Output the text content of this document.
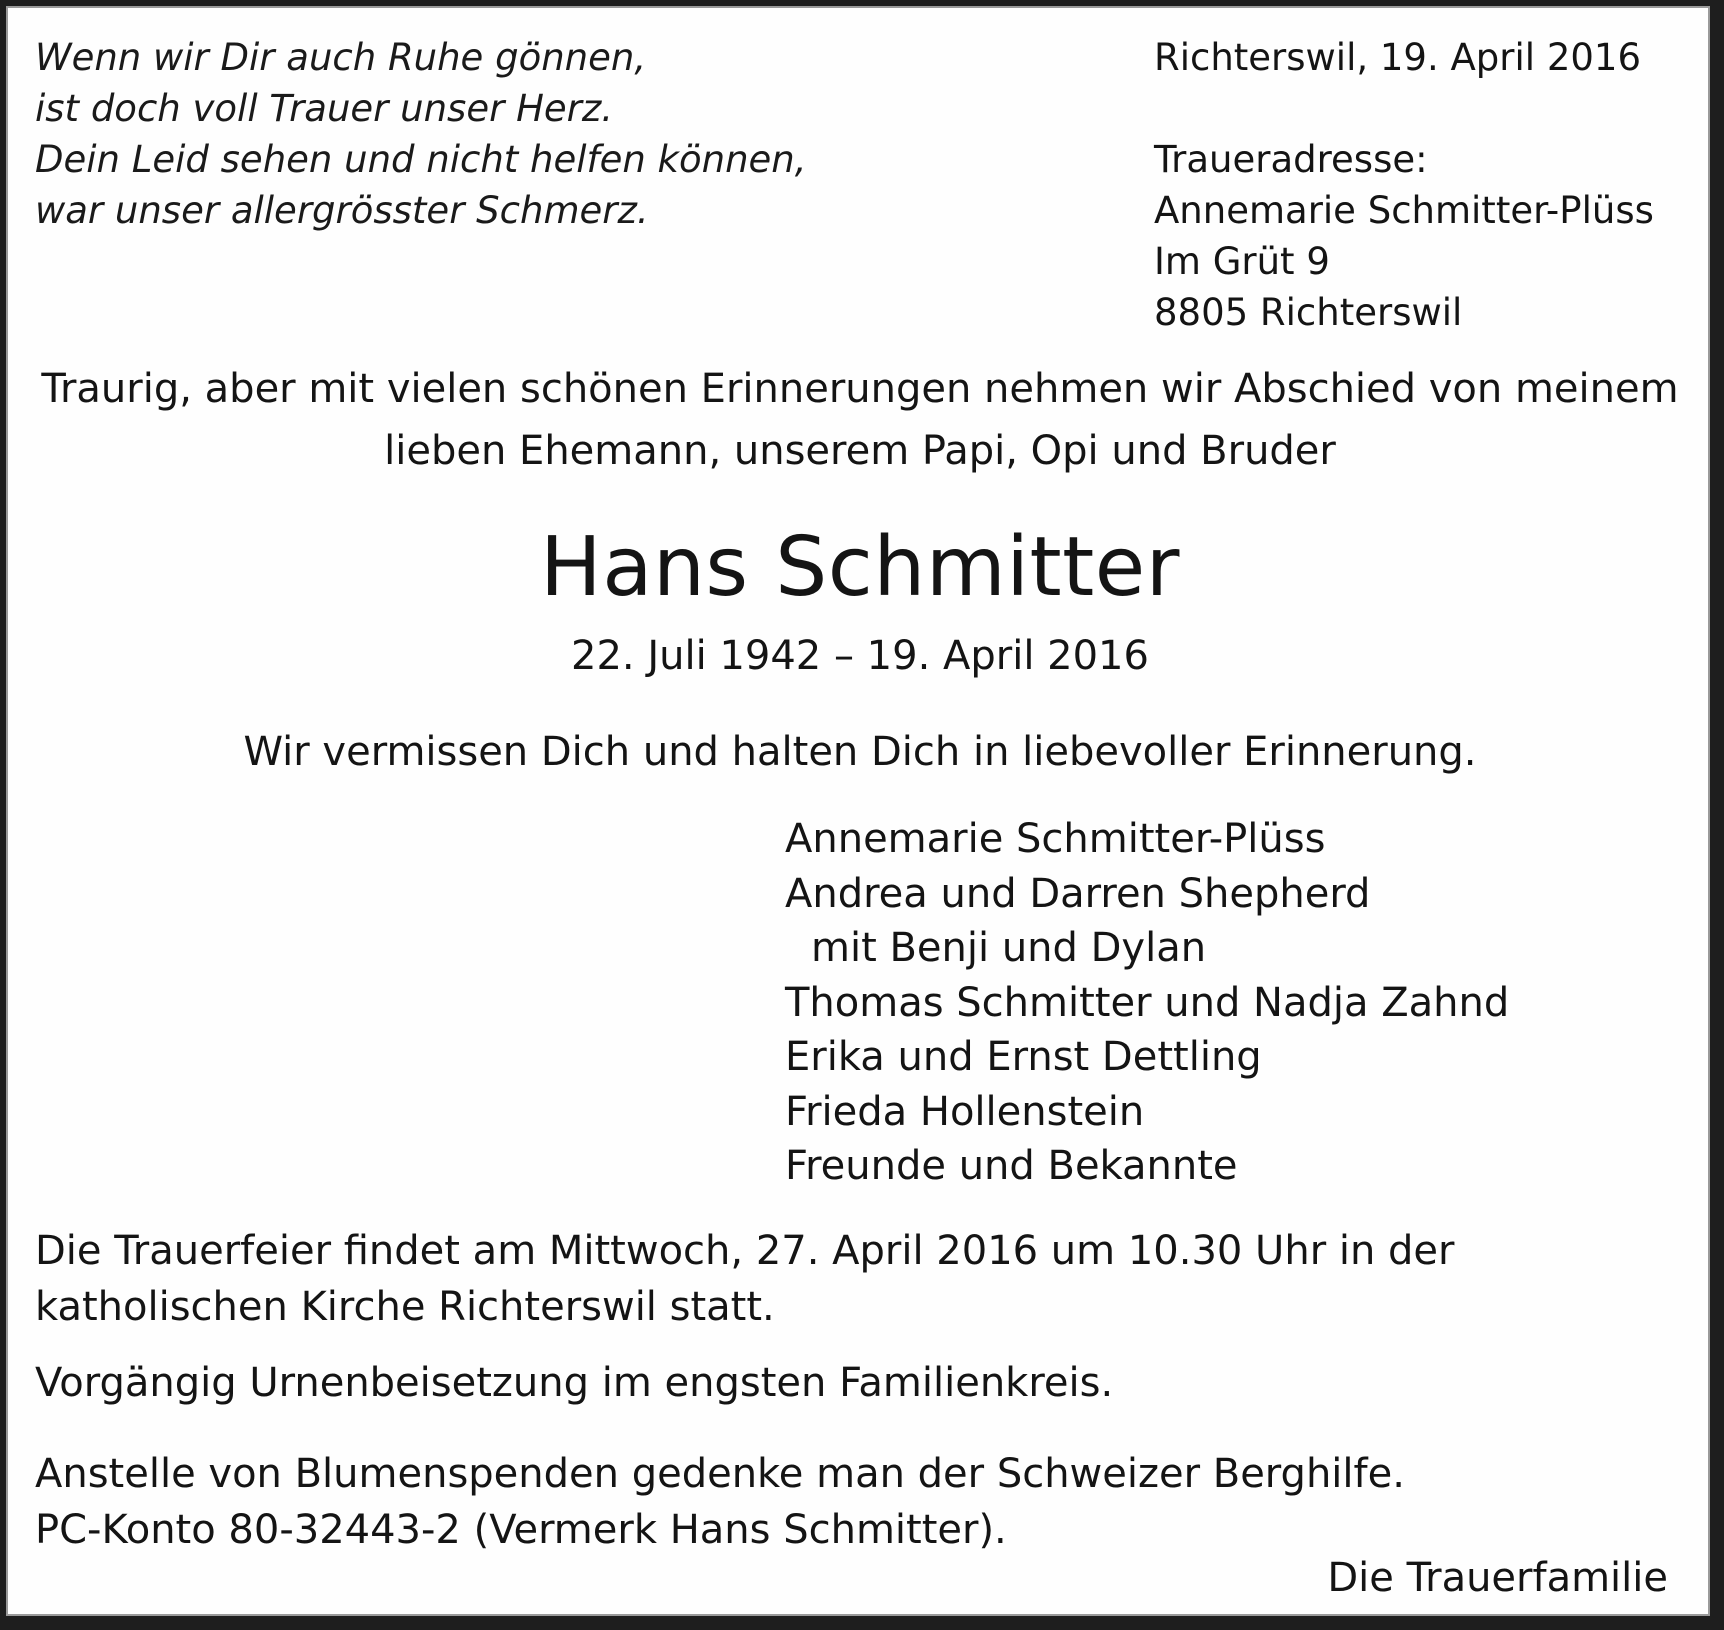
Wenn wir Dir auch Ruhe gönnen,
ist doch voll Trauer unser Herz.
Dein Leid sehen und nicht helfen können,
war unser allergrösster Schmerz.
Richterswil, 19. April 2016
Traueradresse:
Annemarie Schmitter-Plüss
Im Grüt 9
8805 Richterswil
Traurig, aber mit vielen schönen Erinnerungen nehmen wir Abschied von meinem
lieben Ehemann, unserem Papi, Opi und Bruder
Hans Schmitter
22. Juli 1942 – 19. April 2016
Wir vermissen Dich und halten Dich in liebevoller Erinnerung.
Annemarie Schmitter-Plüss
Andrea und Darren Shepherd
mit Benji und Dylan
Thomas Schmitter und Nadja Zahnd
Erika und Ernst Dettling
Frieda Hollenstein
Freunde und Bekannte
Die Trauerfeier findet am Mittwoch, 27. April 2016 um 10.30 Uhr in der
katholischen Kirche Richterswil statt.
Vorgängig Urnenbeisetzung im engsten Familienkreis.
Anstelle von Blumenspenden gedenke man der Schweizer Berghilfe.
PC-Konto 80-32443-2 (Vermerk Hans Schmitter).
Die Trauerfamilie
